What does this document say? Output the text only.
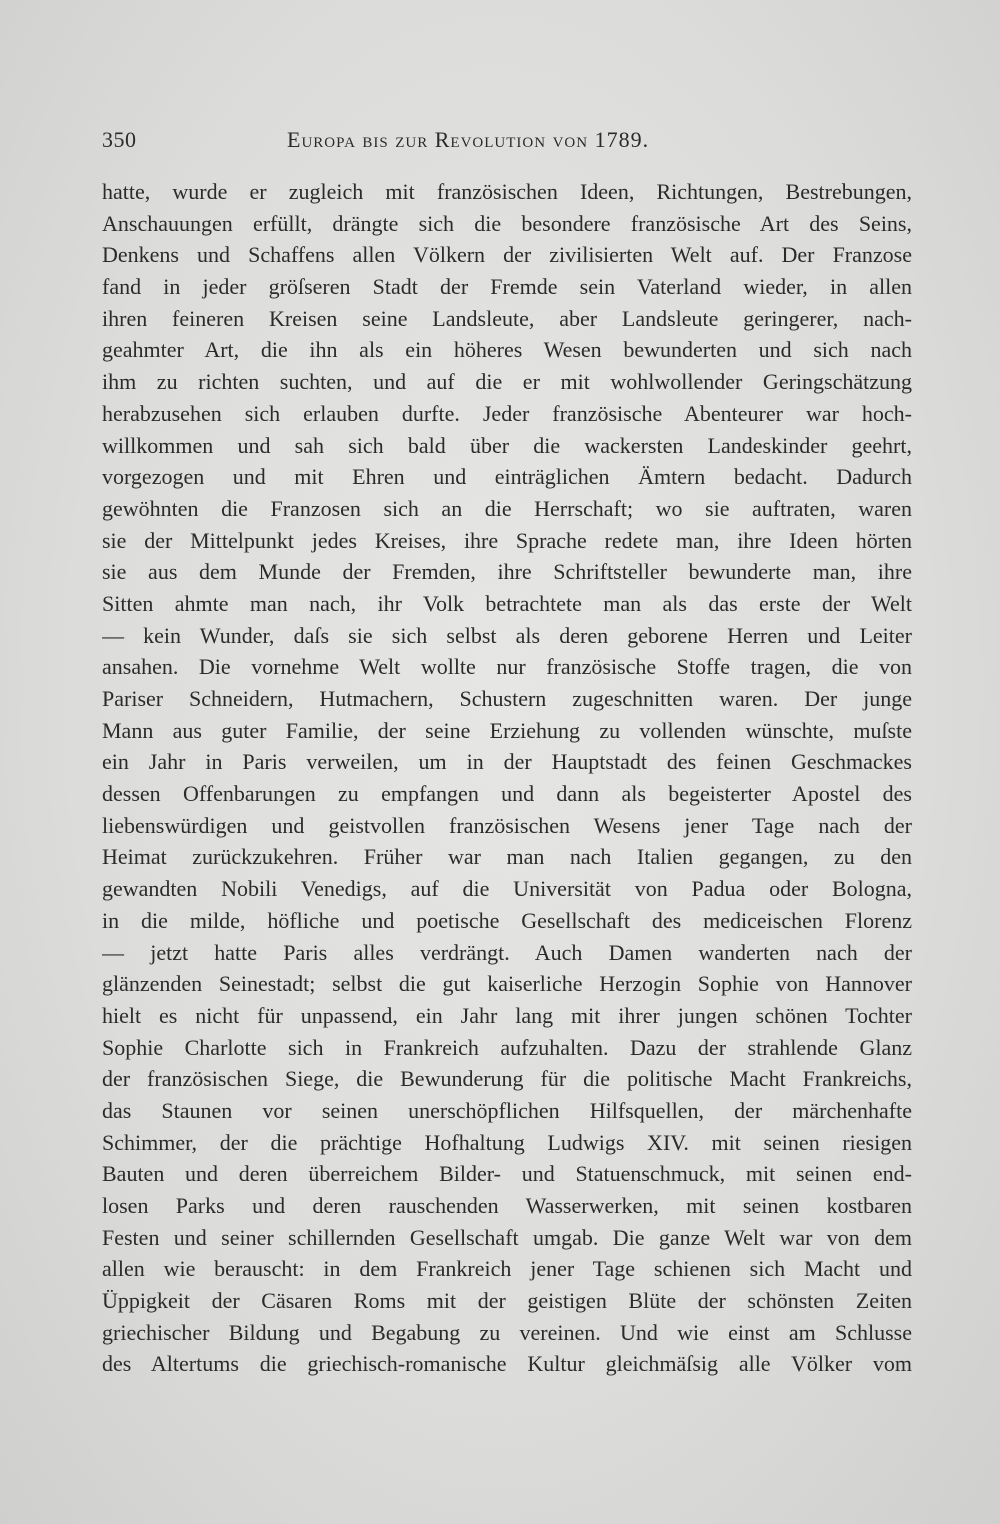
350	Europa bis zur Revolution von 1789.
hatte, wurde er zugleich mit französischen Ideen, Richtungen, Bestrebungen,
Anschauungen erfüllt, drängte sich die besondere französische Art des Seins,
Denkens und Schaffens allen Völkern der zivilisierten Welt auf. Der Franzose
fand in jeder gröſseren Stadt der Fremde sein Vaterland wieder, in allen
ihren feineren Kreisen seine Landsleute, aber Landsleute geringerer, nach-
geahmter Art, die ihn als ein höheres Wesen bewunderten und sich nach
ihm zu richten suchten, und auf die er mit wohlwollender Geringschätzung
herabzusehen sich erlauben durfte. Jeder französische Abenteurer war hoch-
willkommen und sah sich bald über die wackersten Landeskinder geehrt,
vorgezogen und mit Ehren und einträglichen Ämtern bedacht. Dadurch
gewöhnten die Franzosen sich an die Herrschaft; wo sie auftraten, waren
sie der Mittelpunkt jedes Kreises, ihre Sprache redete man, ihre Ideen hörten
sie aus dem Munde der Fremden, ihre Schriftsteller bewunderte man, ihre
Sitten ahmte man nach, ihr Volk betrachtete man als das erste der Welt
— kein Wunder, daſs sie sich selbst als deren geborene Herren und Leiter
ansahen. Die vornehme Welt wollte nur französische Stoffe tragen, die von
Pariser Schneidern, Hutmachern, Schustern zugeschnitten waren. Der junge
Mann aus guter Familie, der seine Erziehung zu vollenden wünschte, muſste
ein Jahr in Paris verweilen, um in der Hauptstadt des feinen Geschmackes
dessen Offenbarungen zu empfangen und dann als begeisterter Apostel des
liebenswürdigen und geistvollen französischen Wesens jener Tage nach der
Heimat zurückzukehren. Früher war man nach Italien gegangen, zu den
gewandten Nobili Venedigs, auf die Universität von Padua oder Bologna,
in die milde, höfliche und poetische Gesellschaft des mediceischen Florenz
— jetzt hatte Paris alles verdrängt. Auch Damen wanderten nach der
glänzenden Seinestadt; selbst die gut kaiserliche Herzogin Sophie von Hannover
hielt es nicht für unpassend, ein Jahr lang mit ihrer jungen schönen Tochter
Sophie Charlotte sich in Frankreich aufzuhalten. Dazu der strahlende Glanz
der französischen Siege, die Bewunderung für die politische Macht Frankreichs,
das Staunen vor seinen unerschöpflichen Hilfsquellen, der märchenhafte
Schimmer, der die prächtige Hofhaltung Ludwigs XIV. mit seinen riesigen
Bauten und deren überreichem Bilder- und Statuenschmuck, mit seinen end-
losen Parks und deren rauschenden Wasserwerken, mit seinen kostbaren
Festen und seiner schillernden Gesellschaft umgab. Die ganze Welt war von dem
allen wie berauscht: in dem Frankreich jener Tage schienen sich Macht und
Üppigkeit der Cäsaren Roms mit der geistigen Blüte der schönsten Zeiten
griechischer Bildung und Begabung zu vereinen. Und wie einst am Schlusse
des Altertums die griechisch-romanische Kultur gleichmäſsig alle Völker vom
